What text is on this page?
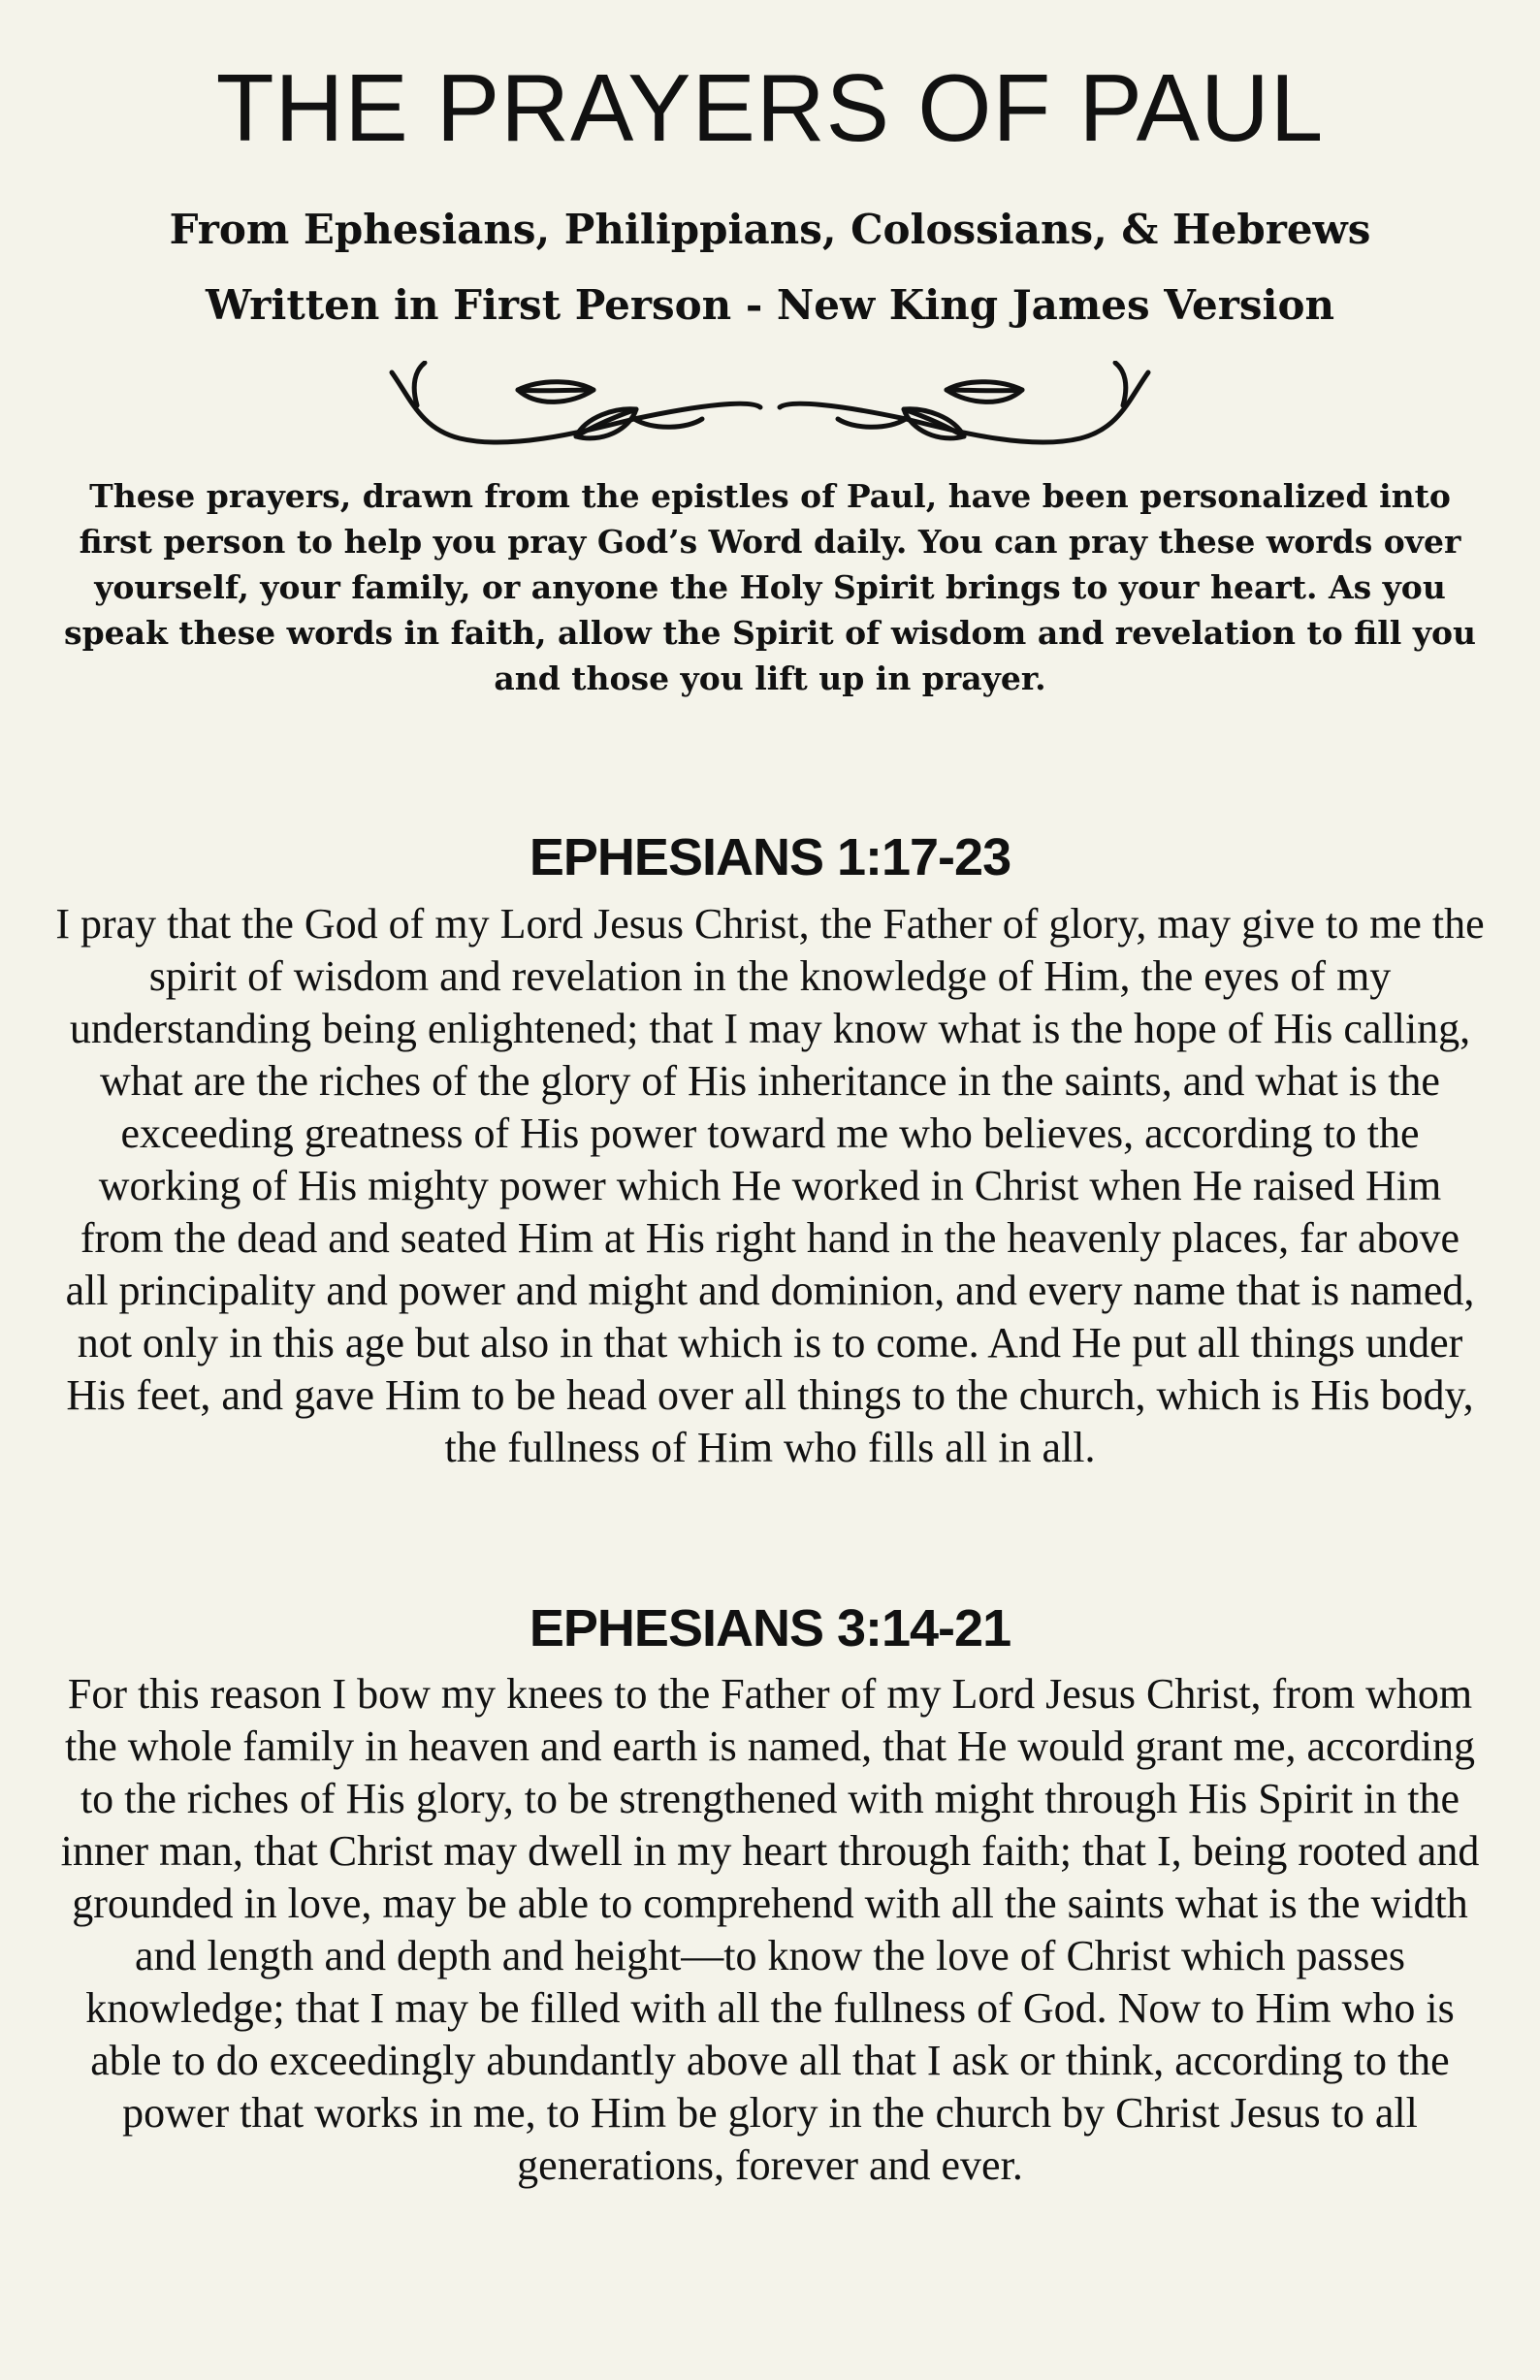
THE PRAYERS OF PAUL

From Ephesians, Philippians, Colossians, & Hebrews

Written in First Person - New King James Version

These prayers, drawn from the epistles of Paul, have been personalized into first person to help you pray God’s Word daily. You can pray these words over yourself, your family, or anyone the Holy Spirit brings to your heart. As you speak these words in faith, allow the Spirit of wisdom and revelation to fill you and those you lift up in prayer.

EPHESIANS 1:17-23

I pray that the God of my Lord Jesus Christ, the Father of glory, may give to me the spirit of wisdom and revelation in the knowledge of Him, the eyes of my understanding being enlightened; that I may know what is the hope of His calling, what are the riches of the glory of His inheritance in the saints, and what is the exceeding greatness of His power toward me who believes, according to the working of His mighty power which He worked in Christ when He raised Him from the dead and seated Him at His right hand in the heavenly places, far above all principality and power and might and dominion, and every name that is named, not only in this age but also in that which is to come. And He put all things under His feet, and gave Him to be head over all things to the church, which is His body, the fullness of Him who fills all in all.

EPHESIANS 3:14-21

For this reason I bow my knees to the Father of my Lord Jesus Christ, from whom the whole family in heaven and earth is named, that He would grant me, according to the riches of His glory, to be strengthened with might through His Spirit in the inner man, that Christ may dwell in my heart through faith; that I, being rooted and grounded in love, may be able to comprehend with all the saints what is the width and length and depth and height—to know the love of Christ which passes knowledge; that I may be filled with all the fullness of God. Now to Him who is able to do exceedingly abundantly above all that I ask or think, according to the power that works in me, to Him be glory in the church by Christ Jesus to all generations, forever and ever.
